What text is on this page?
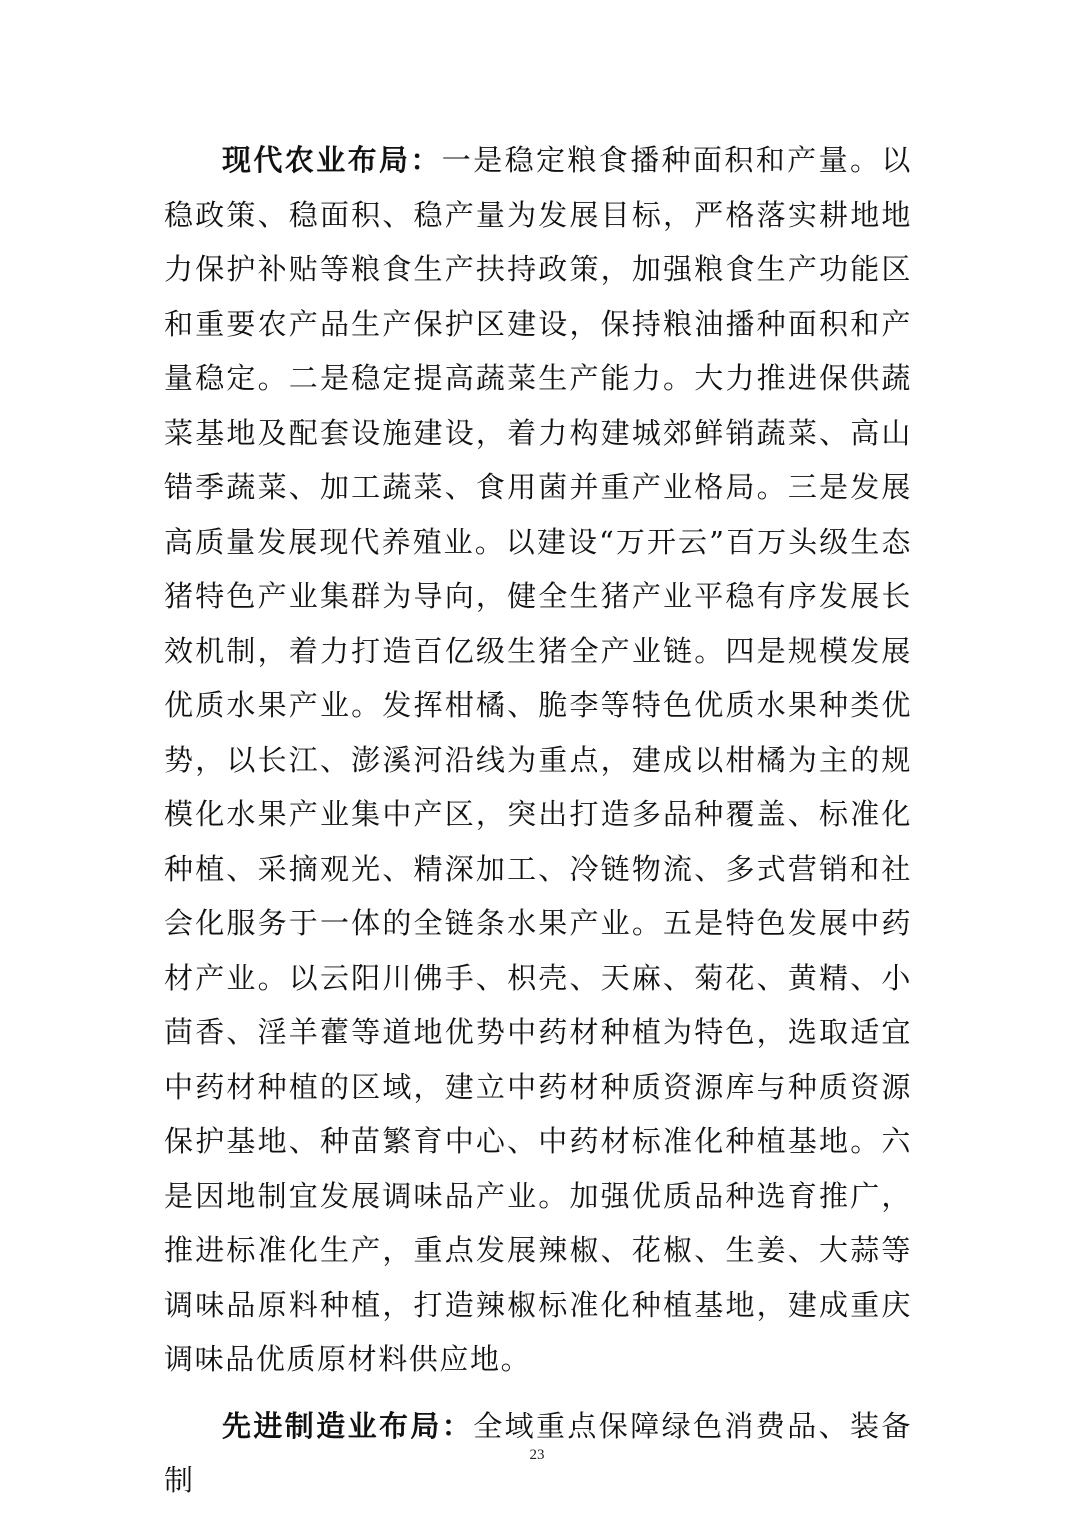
现代农业布局：一是稳定粮食播种面积和产量。以稳政策、稳面积、稳产量为发展目标，严格落实耕地地力保护补贴等粮食生产扶持政策，加强粮食生产功能区和重要农产品生产保护区建设，保持粮油播种面积和产量稳定。二是稳定提高蔬菜生产能力。大力推进保供蔬菜基地及配套设施建设，着力构建城郊鲜销蔬菜、高山错季蔬菜、加工蔬菜、食用菌并重产业格局。三是发展高质量发展现代养殖业。以建设“万开云”百万头级生态猪特色产业集群为导向，健全生猪产业平稳有序发展长效机制，着力打造百亿级生猪全产业链。四是规模发展优质水果产业。发挥柑橘、脆李等特色优质水果种类优势，以长江、澎溪河沿线为重点，建成以柑橘为主的规模化水果产业集中产区，突出打造多品种覆盖、标准化种植、采摘观光、精深加工、冷链物流、多式营销和社会化服务于一体的全链条水果产业。五是特色发展中药材产业。以云阳川佛手、枳壳、天麻、菊花、黄精、小茴香、淫羊藿等道地优势中药材种植为特色，选取适宜中药材种植的区域，建立中药材种质资源库与种质资源保护基地、种苗繁育中心、中药材标准化种植基地。六是因地制宜发展调味品产业。加强优质品种选育推广，推进标准化生产，重点发展辣椒、花椒、生姜、大蒜等调味品原料种植，打造辣椒标准化种植基地，建成重庆调味品优质原材料供应地。

先进制造业布局：全域重点保障绿色消费品、装备制

23
